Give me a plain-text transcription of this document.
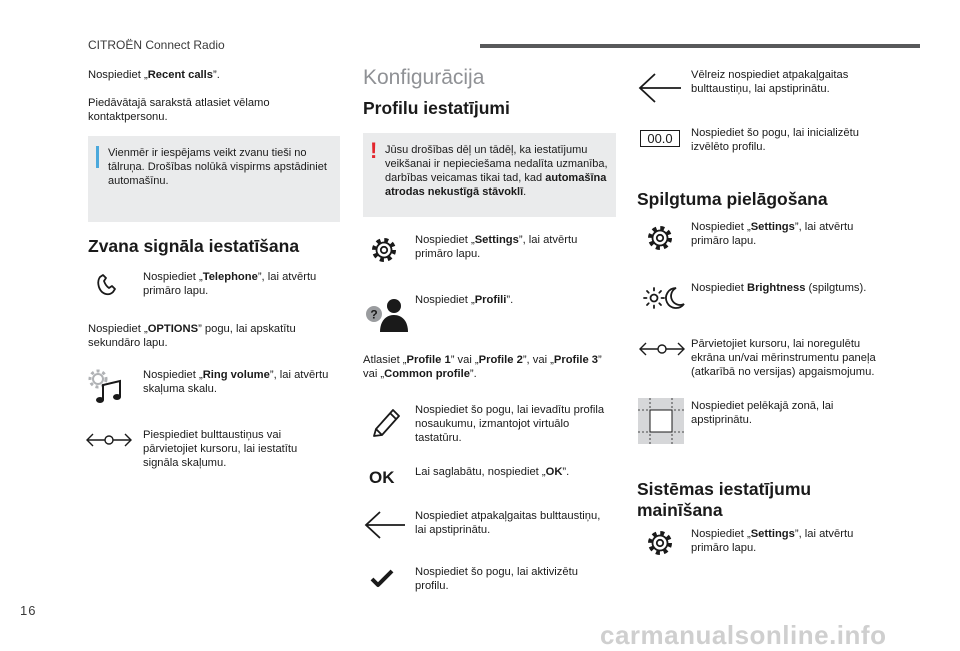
CITROËN Connect Radio

Nospiediet „Recent calls”.

Piedāvātajā sarakstā atlasiet vēlamo kontaktpersonu.

Vienmēr ir iespējams veikt zvanu tieši no tālruņa. Drošības nolūkā vispirms apstādiniet automašīnu.
Zvana signāla iestatīšana

Nospiediet „Telephone”, lai atvērtu primāro lapu.

Nospiediet „OPTIONS” pogu, lai apskatītu sekundāro lapu.

Nospiediet „Ring volume”, lai atvērtu skaļuma skalu.

Piespiediet bulttaustiņus vai pārvietojiet kursoru, lai iestatītu signāla skaļumu.

Konfigurācija
Profilu iestatījumi
! Jūsu drošības dēļ un tādēļ, ka iestatījumu veikšanai ir nepieciešama nedalīta uzmanība, darbības veicamas tikai tad, kad automašīna atrodas nekustīgā stāvoklī.

Nospiediet „Settings”, lai atvērtu primāro lapu.

?

Nospiediet „Profili”.

Atlasiet „Profile 1” vai „Profile 2”, vai „Profile 3” vai „Common profile”.

Nospiediet šo pogu, lai ievadītu profila nosaukumu, izmantojot virtuālo tastatūru.

OK Lai saglabātu, nospiediet „OK”.

Nospiediet atpakaļgaitas bulttaustiņu, lai apstiprinātu.

Nospiediet šo pogu, lai aktivizētu profilu.

Vēlreiz nospiediet atpakaļgaitas bulttaustiņu, lai apstiprinātu.

00.0	Nospiediet šo pogu, lai inicializētu izvēlēto profilu.

Spilgtuma pielāgošana

Nospiediet „Settings”, lai atvērtu primāro lapu.

Nospiediet Brightness (spilgtums).

Pārvietojiet kursoru, lai noregulētu ekrāna un/vai mērinstrumentu paneļa (atkarībā no versijas) apgaismojumu.

Nospiediet pelēkajā zonā, lai apstiprinātu.

Sistēmas iestatījumu mainīšana

Nospiediet „Settings”, lai atvērtu primāro lapu.

16
carmanualsonline.info
